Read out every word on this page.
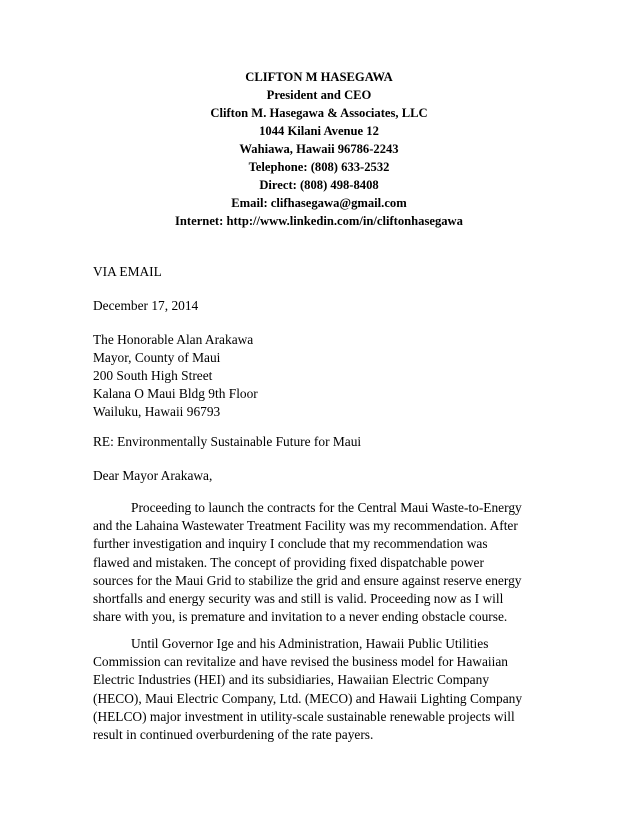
CLIFTON M HASEGAWA
President and CEO
Clifton M. Hasegawa & Associates, LLC
1044 Kilani Avenue 12
Wahiawa, Hawaii 96786-2243
Telephone: (808) 633-2532
Direct: (808) 498-8408
Email: clifhasegawa@gmail.com
Internet: http://www.linkedin.com/in/cliftonhasegawa
VIA EMAIL
December 17, 2014
The Honorable Alan Arakawa
Mayor, County of Maui
200 South High Street
Kalana O Maui Bldg 9th Floor
Wailuku, Hawaii 96793
RE: Environmentally Sustainable Future for Maui
Dear Mayor Arakawa,
Proceeding to launch the contracts for the Central Maui Waste-to-Energy
and the Lahaina Wastewater Treatment Facility was my recommendation. After
further investigation and inquiry I conclude that my recommendation was
flawed and mistaken. The concept of providing fixed dispatchable power
sources for the Maui Grid to stabilize the grid and ensure against reserve energy
shortfalls and energy security was and still is valid. Proceeding now as I will
share with you, is premature and invitation to a never ending obstacle course.
Until Governor Ige and his Administration, Hawaii Public Utilities
Commission can revitalize and have revised the business model for Hawaiian
Electric Industries (HEI) and its subsidiaries, Hawaiian Electric Company
(HECO), Maui Electric Company, Ltd. (MECO) and Hawaii Lighting Company
(HELCO) major investment in utility-scale sustainable renewable projects will
result in continued overburdening of the rate payers.
